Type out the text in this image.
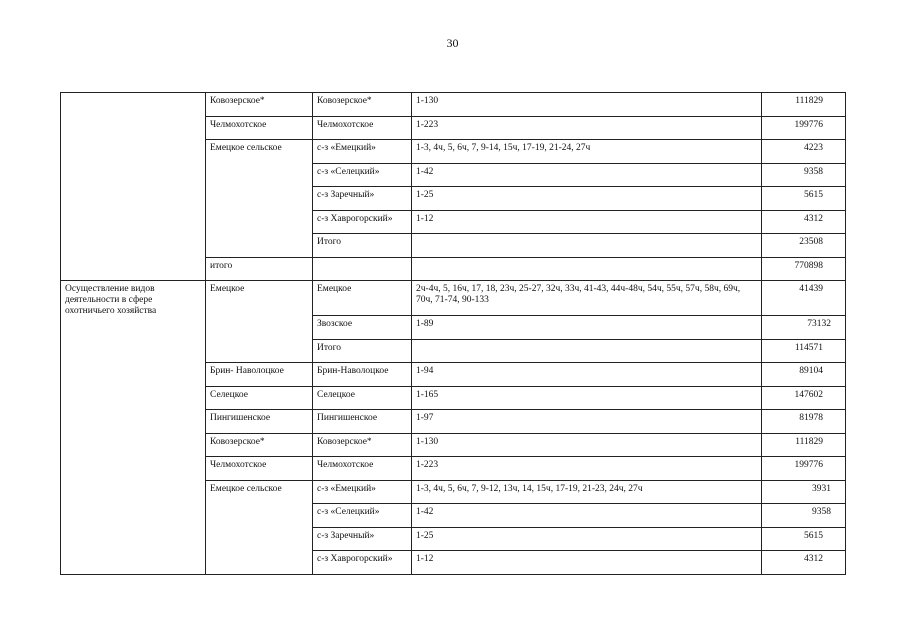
30
	Ковозерское*	Ковозерское*	1-130	111829
	Челмохотское	Челмохотское	1-223	199776
	Емецкое сельское	с-з «Емецкий»	1-3, 4ч, 5, 6ч, 7, 9-14, 15ч, 17-19, 21-24, 27ч	4223
		с-з «Селецкий»	1-42	9358
		с-з Заречный»	1-25	5615
		с-з Хаврогорский»	1-12	4312
		Итого		23508
	итого			770898
Осуществление видов деятельности в сфере охотничьего хозяйства	Емецкое	Емецкое	2ч-4ч, 5, 16ч, 17, 18, 23ч, 25-27, 32ч, 33ч, 41-43, 44ч-48ч, 54ч, 55ч, 57ч, 58ч, 69ч, 70ч, 71-74, 90-133	41439
		Звозское	1-89	73132
		Итого		114571
	Брин- Наволоцкое	Брин-Наволоцкое	1-94	89104
	Селецкое	Селецкое	1-165	147602
	Пингишенское	Пингишенское	1-97	81978
	Ковозерское*	Ковозерское*	1-130	111829
	Челмохотское	Челмохотское	1-223	199776
	Емецкое сельское	с-з «Емецкий»	1-3, 4ч, 5, 6ч, 7, 9-12, 13ч, 14, 15ч, 17-19, 21-23, 24ч, 27ч	3931
		с-з «Селецкий»	1-42	9358
		с-з Заречный»	1-25	5615
		с-з Хаврогорский»	1-12	4312
